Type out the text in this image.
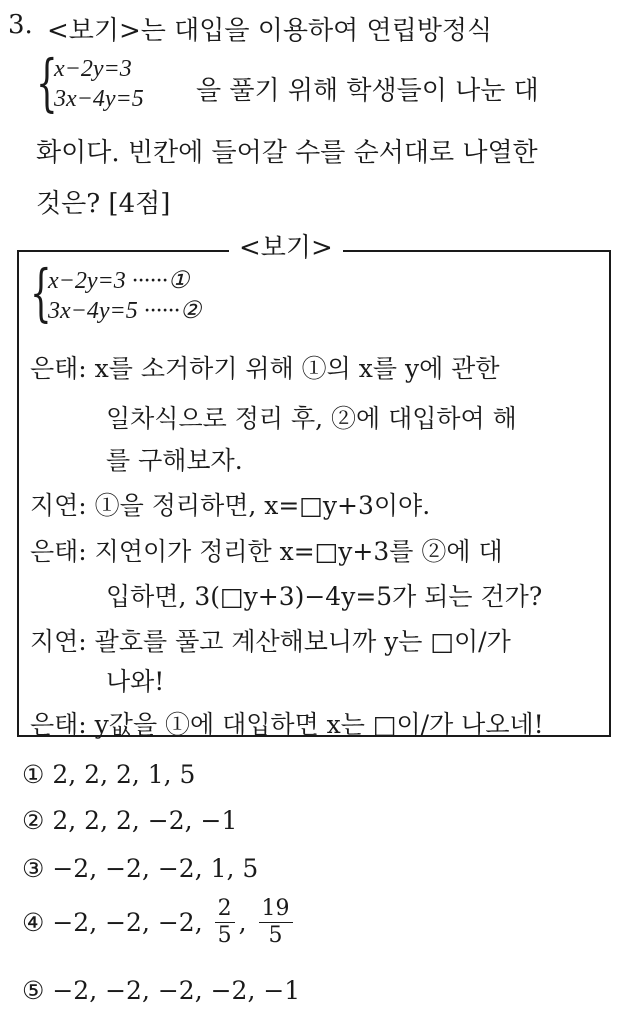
3. <보기>는 대입을 이용하여 연립방정식
{
x−2y=3
3x−4y=5 을 풀기 위해 학생들이 나눈 대
화이다. 빈칸에 들어갈 수를 순서대로 나열한
것은? [4점]
<보기>
{
x−2y=3 ······①
3x−4y=5 ······②
은태: x를 소거하기 위해 ①의 x를 y에 관한
일차식으로 정리 후, ②에 대입하여 해
를 구해보자.
지연: ①을 정리하면, x=□y+3이야.
은태: 지연이가 정리한 x=□y+3를 ②에 대
입하면, 3(□y+3)−4y=5가 되는 건가?
지연: 괄호를 풀고 계산해보니까 y는 □이/가
나와!
은태: y값을 ①에 대입하면 x는 □이/가 나오네!
① 2, 2, 2, 1, 5
② 2, 2, 2, −2, −1
③ −2, −2, −2, 1, 5
④ −2, −2, −2, $\frac{2}{5}$ , $\frac{19}{5}$
⑤ −2, −2, −2, −2, −1
